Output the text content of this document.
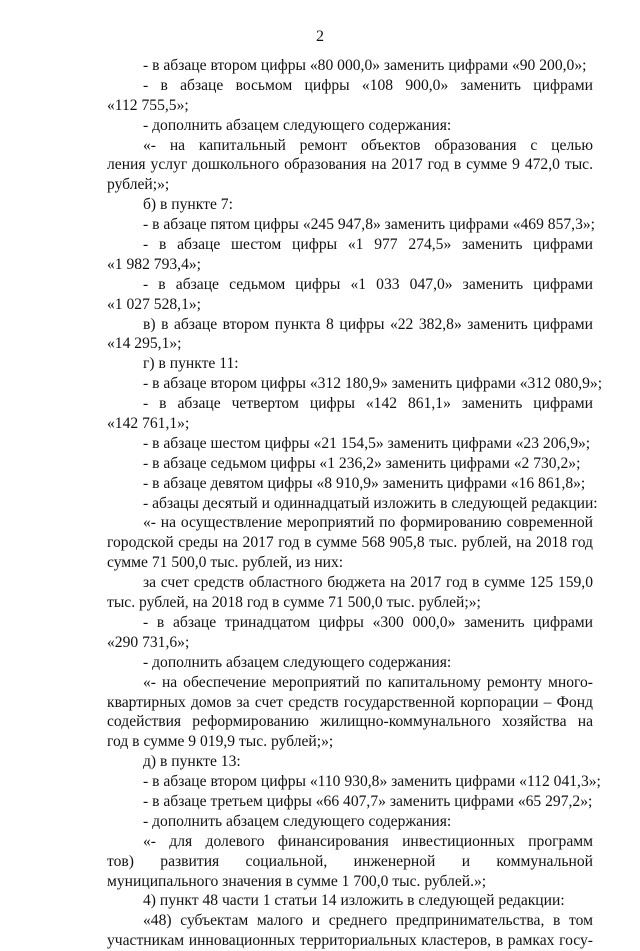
2
- в абзаце втором цифры «80 000,0» заменить цифрами «90 200,0»;
- в абзаце восьмом цифры «108 900,0» заменить цифрами
«112 755,5»;
- дополнить абзацем следующего содержания:
«- на капитальный ремонт объектов образования с целью
ления услуг дошкольного образования на 2017 год в сумме 9 472,0 тыс.
рублей;»;
б) в пункте 7:
- в абзаце пятом цифры «245 947,8» заменить цифрами «469 857,3»;
- в абзаце шестом цифры «1 977 274,5» заменить цифрами
«1 982 793,4»;
- в абзаце седьмом цифры «1 033 047,0» заменить цифрами
«1 027 528,1»;
в) в абзаце втором пункта 8 цифры «22 382,8» заменить цифрами
«14 295,1»;
г) в пункте 11:
- в абзаце втором цифры «312 180,9» заменить цифрами «312 080,9»;
- в абзаце четвертом цифры «142 861,1» заменить цифрами
«142 761,1»;
- в абзаце шестом цифры «21 154,5» заменить цифрами «23 206,9»;
- в абзаце седьмом цифры «1 236,2» заменить цифрами «2 730,2»;
- в абзаце девятом цифры «8 910,9» заменить цифрами «16 861,8»;
- абзацы десятый и одиннадцатый изложить в следующей редакции:
«- на осуществление мероприятий по формированию современной
городской среды на 2017 год в сумме 568 905,8 тыс. рублей, на 2018 год
сумме 71 500,0 тыс. рублей, из них:
за счет средств областного бюджета на 2017 год в сумме 125 159,0
тыс. рублей, на 2018 год в сумме 71 500,0 тыс. рублей;»;
- в абзаце тринадцатом цифры «300 000,0» заменить цифрами
«290 731,6»;
- дополнить абзацем следующего содержания:
«- на обеспечение мероприятий по капитальному ремонту много-
квартирных домов за счет средств государственной корпорации – Фонд
содействия реформированию жилищно-коммунального хозяйства на
год в сумме 9 019,9 тыс. рублей;»;
д) в пункте 13:
- в абзаце втором цифры «110 930,8» заменить цифрами «112 041,3»;
- в абзаце третьем цифры «66 407,7» заменить цифрами «65 297,2»;
- дополнить абзацем следующего содержания:
«- для долевого финансирования инвестиционных программ
тов) развития социальной, инженерной и коммунальной
муниципального значения в сумме 1 700,0 тыс. рублей.»;
4) пункт 48 части 1 статьи 14 изложить в следующей редакции:
«48) субъектам малого и среднего предпринимательства, в том
участникам инновационных территориальных кластеров, в рамках госу-
